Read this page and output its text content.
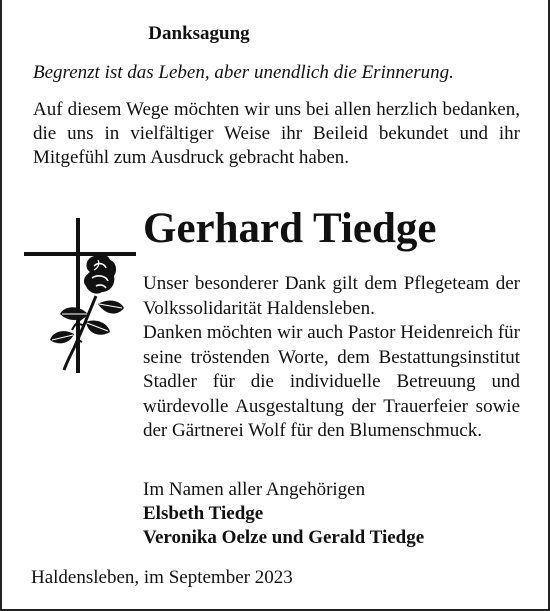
Danksagung
Begrenzt ist das Leben, aber unendlich die Erinnerung.
Auf diesem Wege möchten wir uns bei allen herzlich bedanken, die uns in vielfältiger Weise ihr Beileid bekundet und ihr Mitgefühl zum Ausdruck gebracht haben.
Gerhard Tiedge

Unser besonderer Dank gilt dem Pflegeteam der Volkssolidarität Haldensleben.

Danken möchten wir auch Pastor Heidenreich für seine tröstenden Worte, dem Bestattungsinstitut Stadler für die individuelle Betreuung und würdevolle Ausgestaltung der Trauerfeier sowie der Gärtnerei Wolf für den Blumenschmuck.

Im Namen aller Angehörigen
Elsbeth Tiedge
Veronika Oelze und Gerald Tiedge
Haldensleben, im September 2023
